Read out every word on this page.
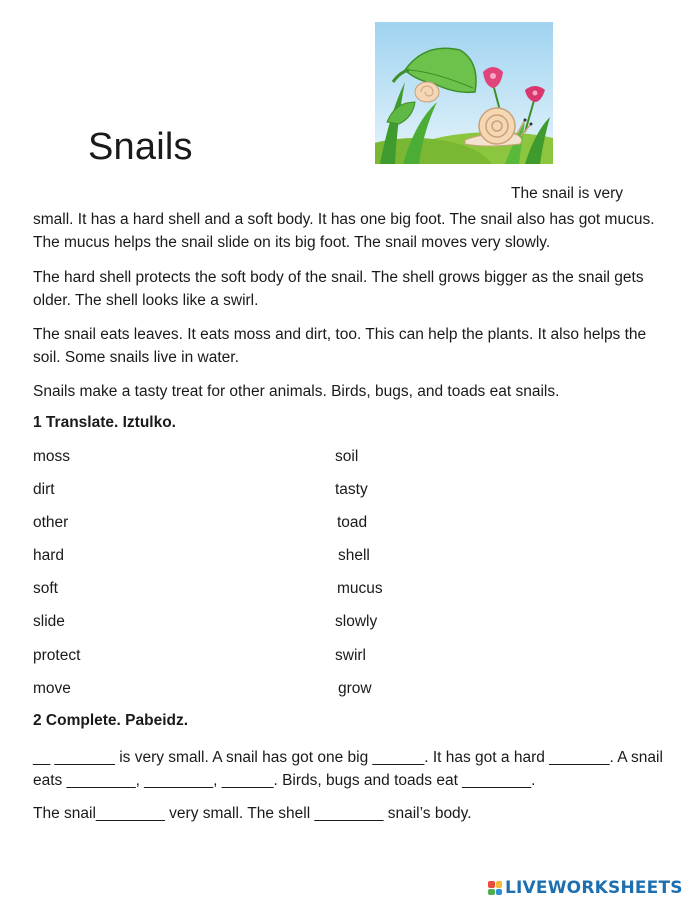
Snails
The snail is very
small. It has a hard shell and a soft body. It has one big foot. The snail also has got mucus. The mucus helps the snail slide on its big foot. The snail moves very slowly.
The hard shell protects the soft body of the snail. The shell grows bigger as the snail gets older. The shell looks like a swirl.
The snail eats leaves. It eats moss and dirt, too. This can help the plants. It also helps the soil. Some snails live in water.
Snails make a tasty treat for other animals. Birds, bugs, and toads eat snails.
1 Translate. Iztulko.
moss
dirt
other
hard
soft
slide
protect
move
soil
tasty
toad
shell
mucus
slowly
swirl
grow
2 Complete. Pabeidz.
__ _______ is very small. A snail has got one big ______. It has got a hard _______. A snail eats ________, ________, ______. Birds, bugs and toads eat ________.
The snail________ very small. The shell ________ snail’s body.
LIVEWORKSHEETS
